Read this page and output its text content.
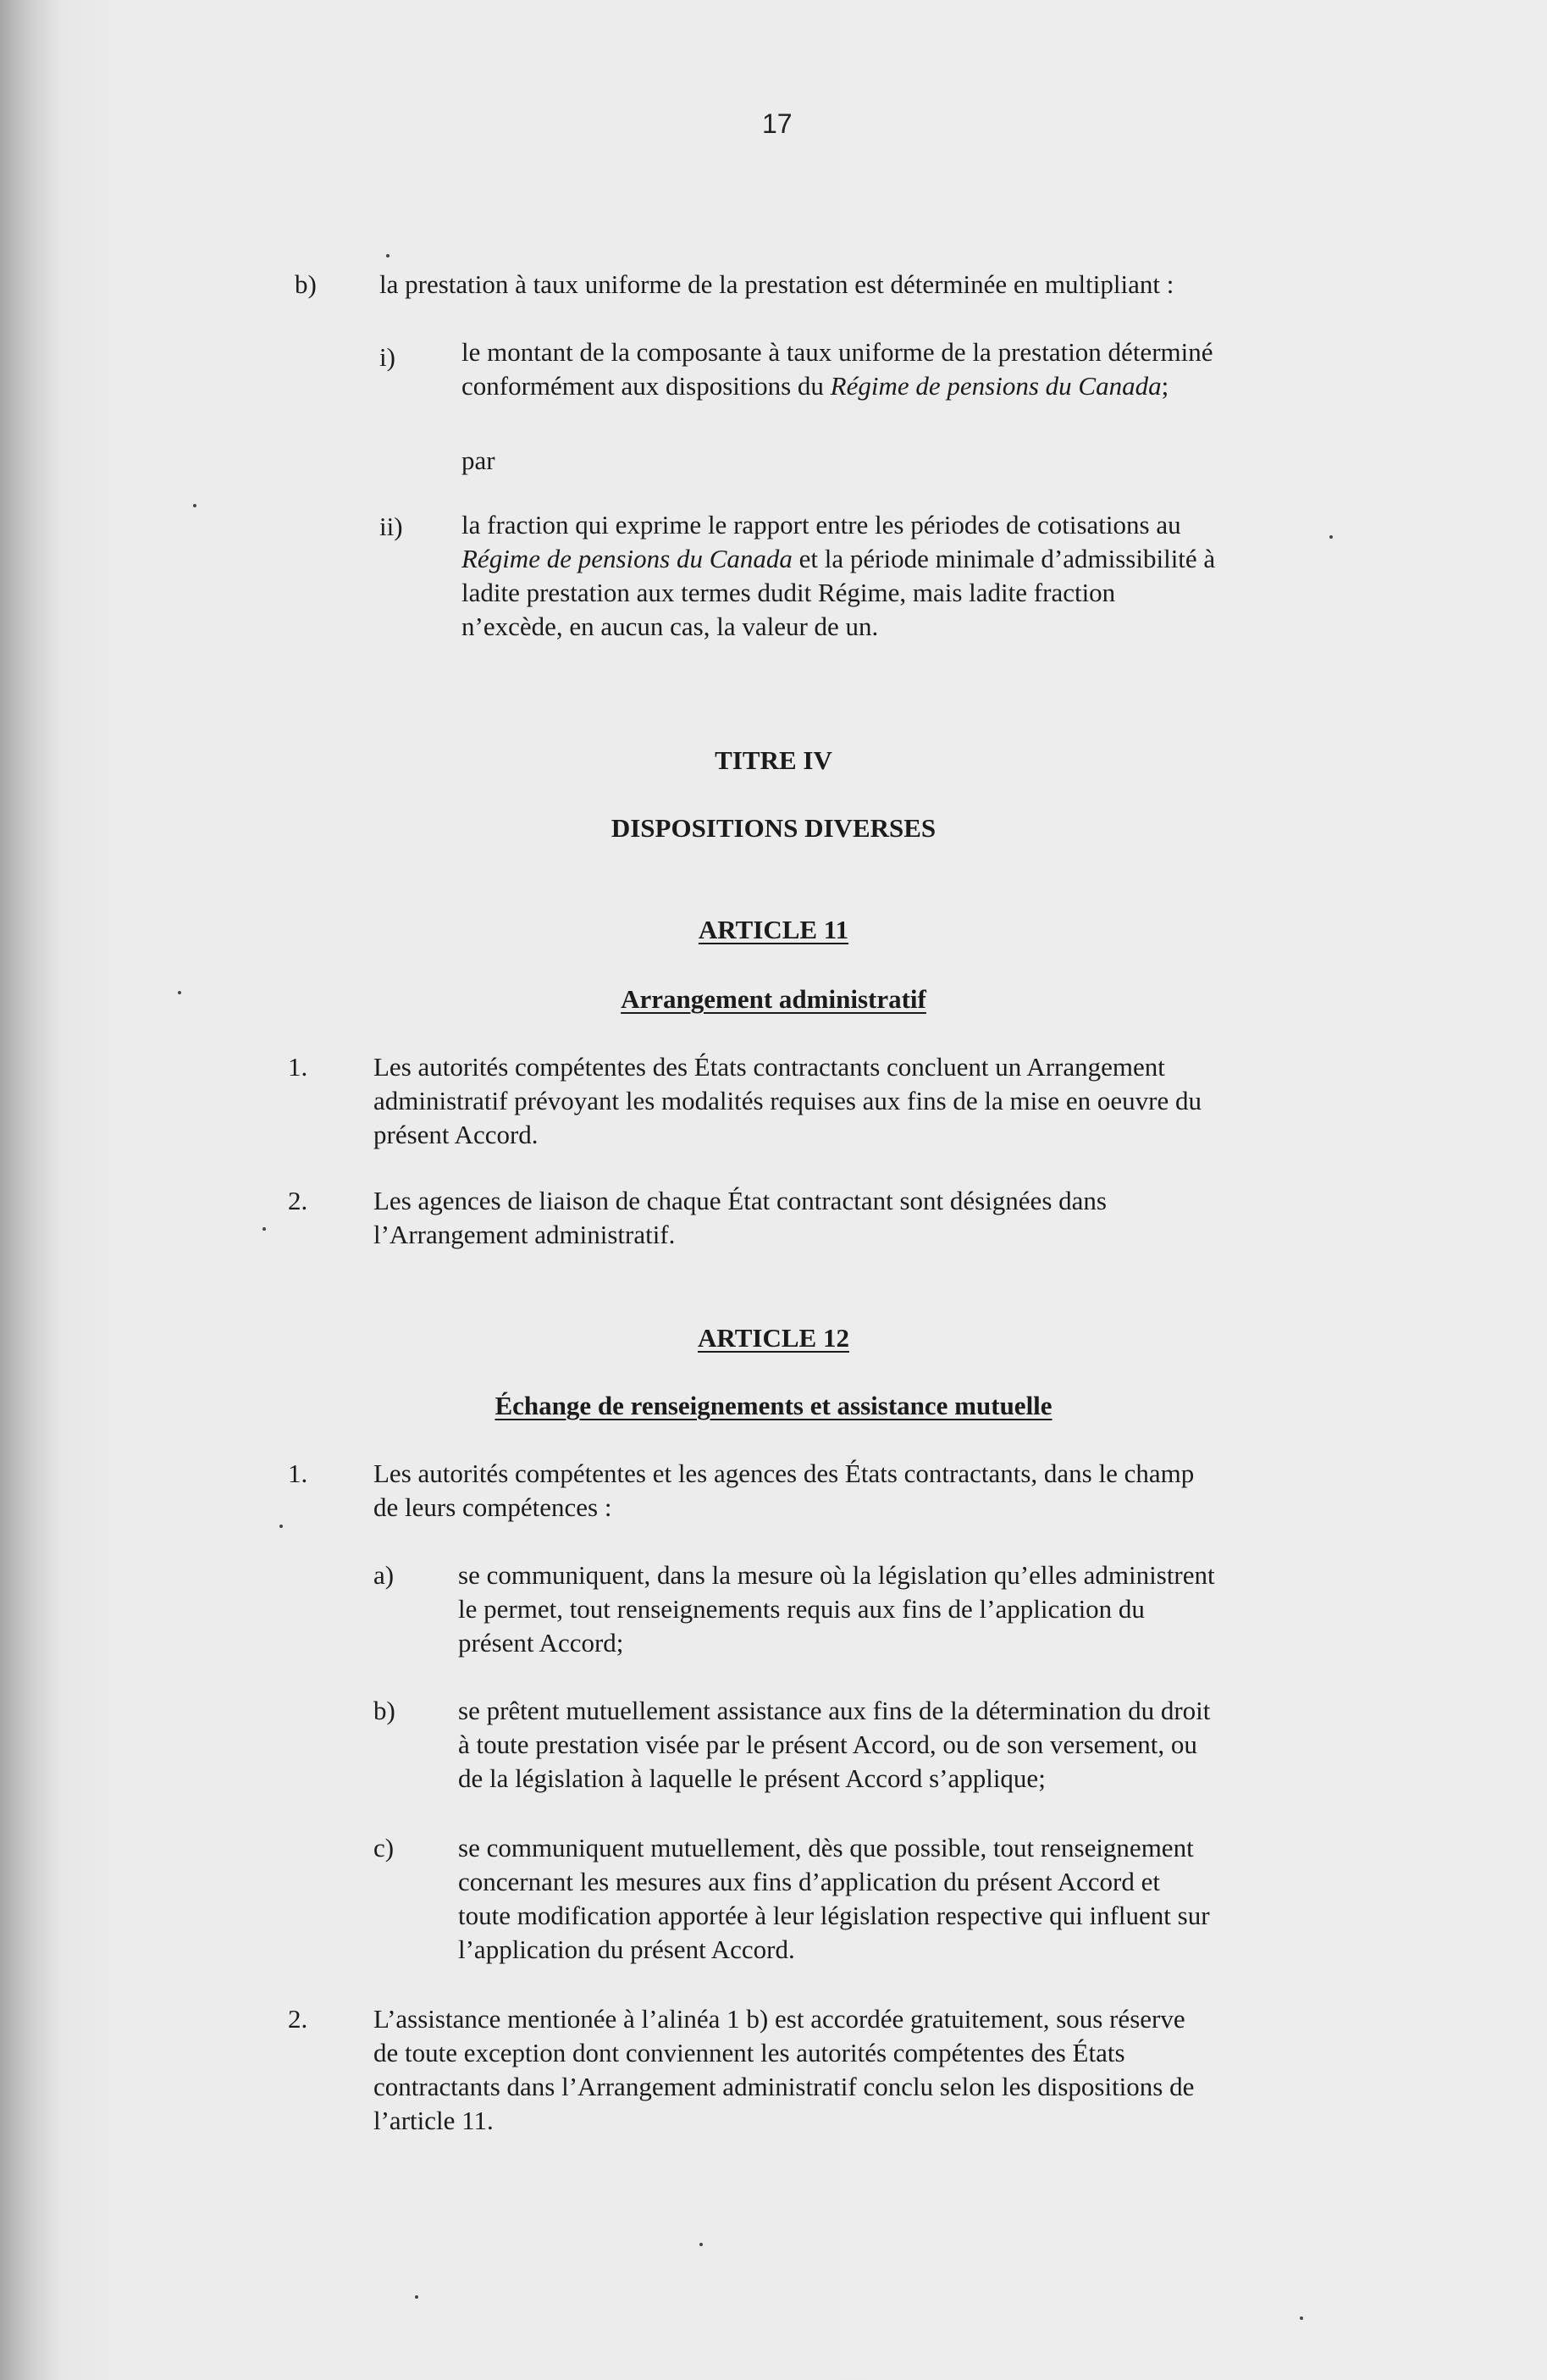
17
b) la prestation à taux uniforme de la prestation est déterminée en multipliant :
i)	le montant de la composante à taux uniforme de la prestation déterminé
conformément aux dispositions du Régime de pensions du Canada;
par
ii) la fraction qui exprime le rapport entre les périodes de cotisations au
Régime de pensions du Canada et la période minimale d’admissibilité à
ladite prestation aux termes dudit Régime, mais ladite fraction
n’excède, en aucun cas, la valeur de un.
TITRE IV
DISPOSITIONS DIVERSES
ARTICLE 11
Arrangement administratif
1.	Les autorités compétentes des États contractants concluent un Arrangement
administratif prévoyant les modalités requises aux fins de la mise en oeuvre du
présent Accord.
2.	Les agences de liaison de chaque État contractant sont désignées dans
l’Arrangement administratif.
ARTICLE 12
Échange de renseignements et assistance mutuelle
1.	Les autorités compétentes et les agences des États contractants, dans le champ
de leurs compétences :
a) se communiquent, dans la mesure où la législation qu’elles administrent
le permet, tout renseignements requis aux fins de l’application du
présent Accord;
b) se prêtent mutuellement assistance aux fins de la détermination du droit
à toute prestation visée par le présent Accord, ou de son versement, ou
de la législation à laquelle le présent Accord s’applique;
c) se communiquent mutuellement, dès que possible, tout renseignement
concernant les mesures aux fins d’application du présent Accord et
toute modification apportée à leur législation respective qui influent sur
l’application du présent Accord.
2.	L’assistance mentionée à l’alinéa 1 b) est accordée gratuitement, sous réserve
de toute exception dont conviennent les autorités compétentes des États
contractants dans l’Arrangement administratif conclu selon les dispositions de
l’article 11.
